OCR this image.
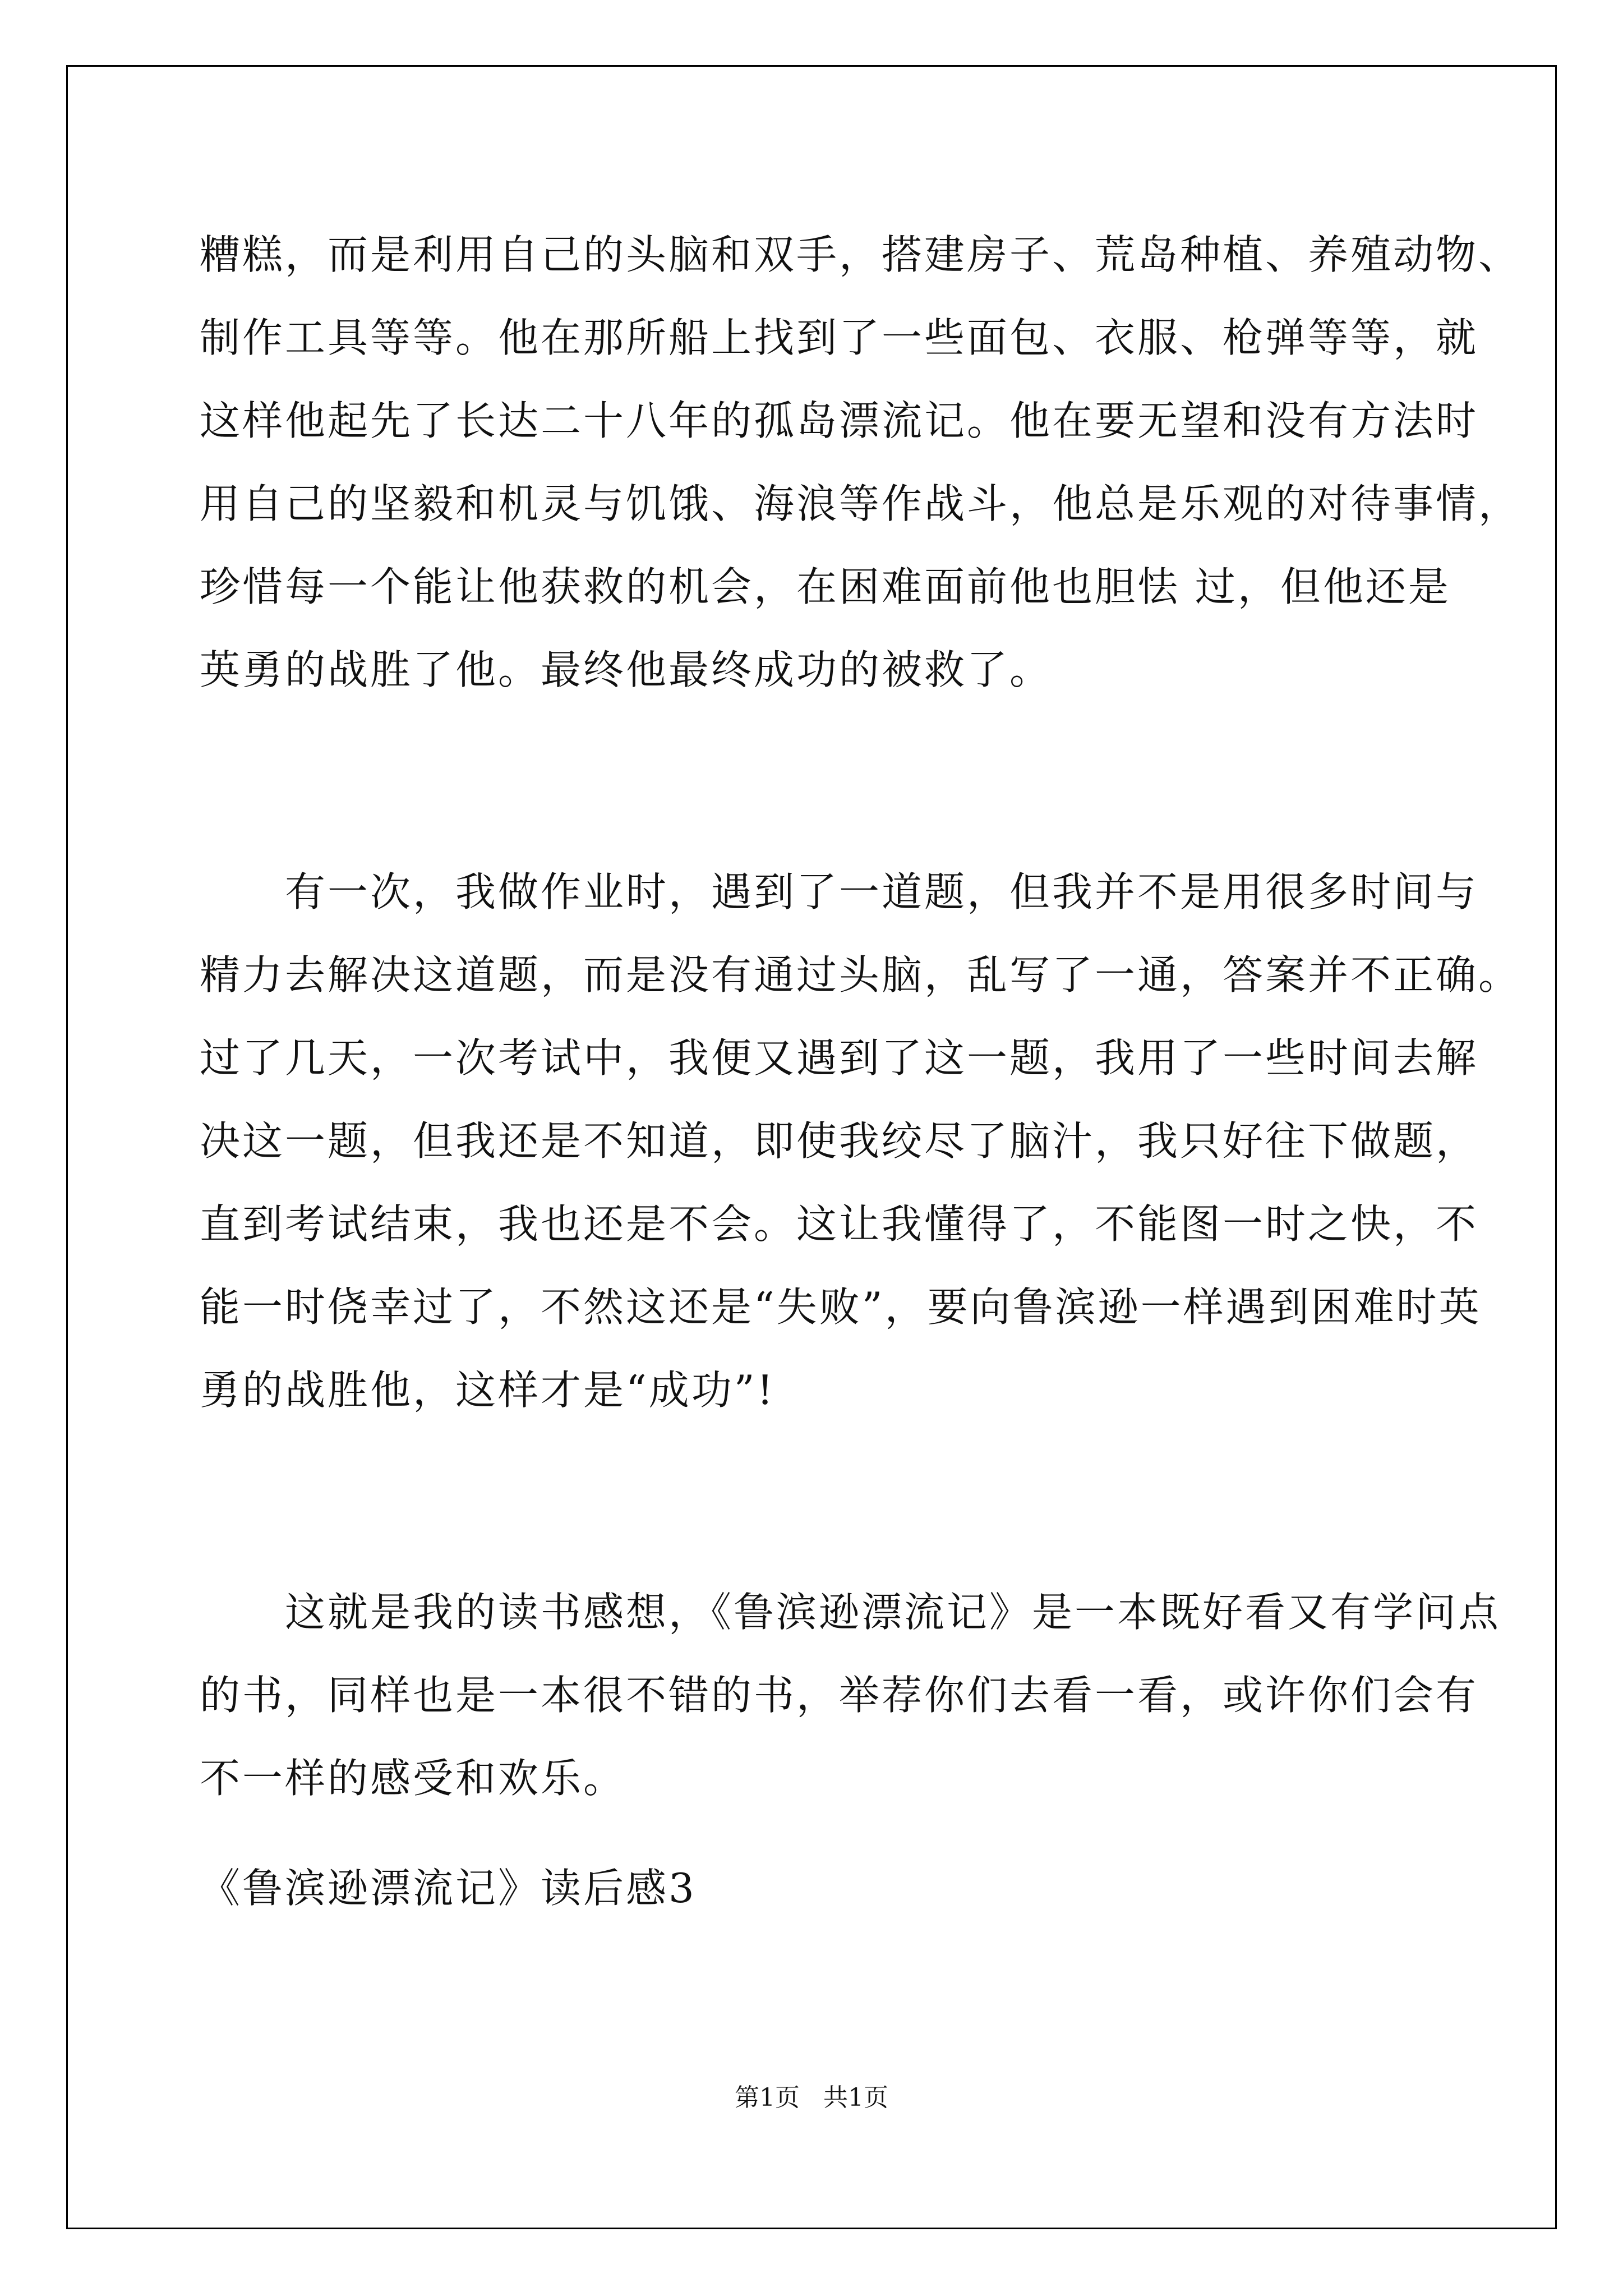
糟糕，而是利用自己的头脑和双手，搭建房子、荒岛种植、养殖动物、
制作工具等等。他在那所船上找到了一些面包、衣服、枪弹等等，就
这样他起先了长达二十八年的孤岛漂流记。他在要无望和没有方法时
用自己的坚毅和机灵与饥饿、海浪等作战斗，他总是乐观的对待事情，
珍惜每一个能让他获救的机会，在困难面前他也胆怯 过，但他还是
英勇的战胜了他。最终他最终成功的被救了。
　　有一次，我做作业时，遇到了一道题，但我并不是用很多时间与
精力去解决这道题，而是没有通过头脑，乱写了一通，答案并不正确。
过了几天，一次考试中，我便又遇到了这一题，我用了一些时间去解
决这一题，但我还是不知道，即使我绞尽了脑汁，我只好往下做题，
直到考试结束，我也还是不会。这让我懂得了，不能图一时之快，不
能一时侥幸过了，不然这还是“失败”，要向鲁滨逊一样遇到困难时英
勇的战胜他，这样才是“成功”!
　　这就是我的读书感想，《鲁滨逊漂流记》是一本既好看又有学问点
的书，同样也是一本很不错的书，举荐你们去看一看，或许你们会有
不一样的感受和欢乐。
《鲁滨逊漂流记》读后感3
第1页   共1页
